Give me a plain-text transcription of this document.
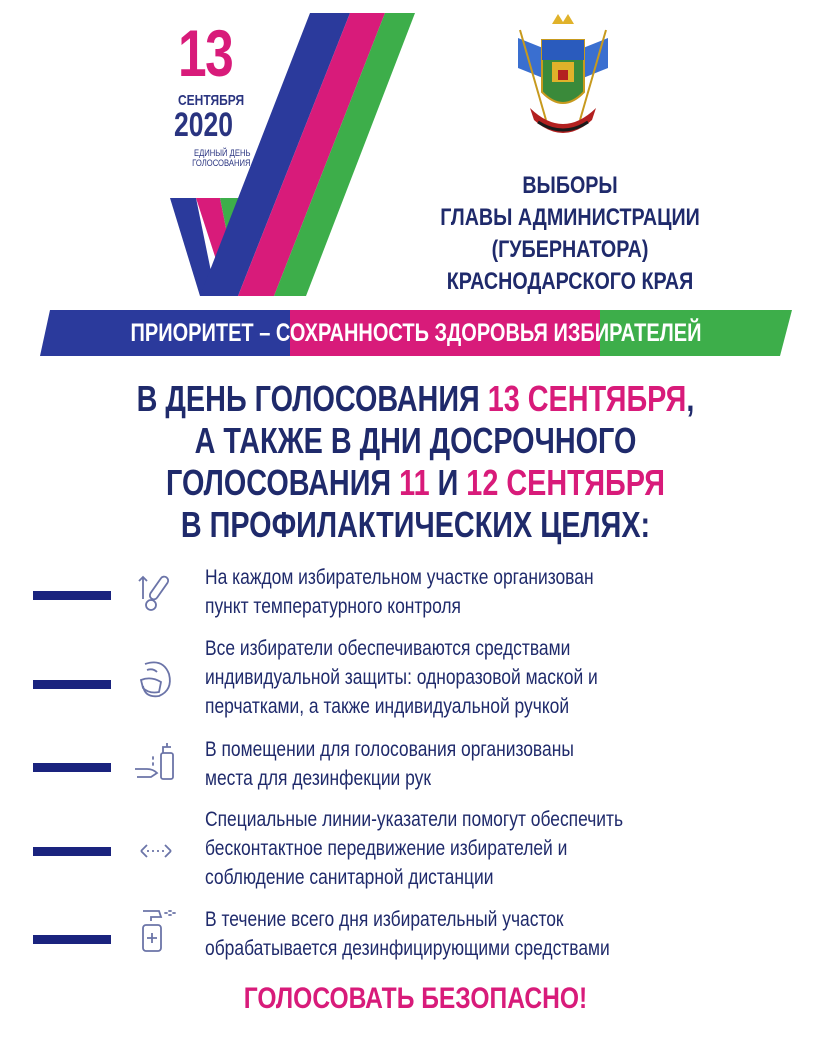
13
СЕНТЯБРЯ
2020
ЕДИНЫЙ ДЕНЬ
ГОЛОСОВАНИЯ
ВЫБОРЫ
ГЛАВЫ АДМИНИСТРАЦИИ
(ГУБЕРНАТОРА)
КРАСНОДАРСКОГО КРАЯ
ПРИОРИТЕТ – СОХРАННОСТЬ ЗДОРОВЬЯ ИЗБИРАТЕЛЕЙ
В ДЕНЬ ГОЛОСОВАНИЯ 13 СЕНТЯБРЯ,
А ТАКЖЕ В ДНИ ДОСРОЧНОГО
ГОЛОСОВАНИЯ 11 И 12 СЕНТЯБРЯ
В ПРОФИЛАКТИЧЕСКИХ ЦЕЛЯХ:
На каждом избирательном участке организован
пункт температурного контроля
Все избиратели обеспечиваются средствами
индивидуальной защиты: одноразовой маской и
перчатками, а также индивидуальной ручкой
В помещении для голосования организованы
места для дезинфекции рук
Специальные линии-указатели помогут обеспечить
бесконтактное передвижение избирателей и
соблюдение санитарной дистанции
В течение всего дня избирательный участок
обрабатывается дезинфицирующими средствами
ГОЛОСОВАТЬ БЕЗОПАСНО!
